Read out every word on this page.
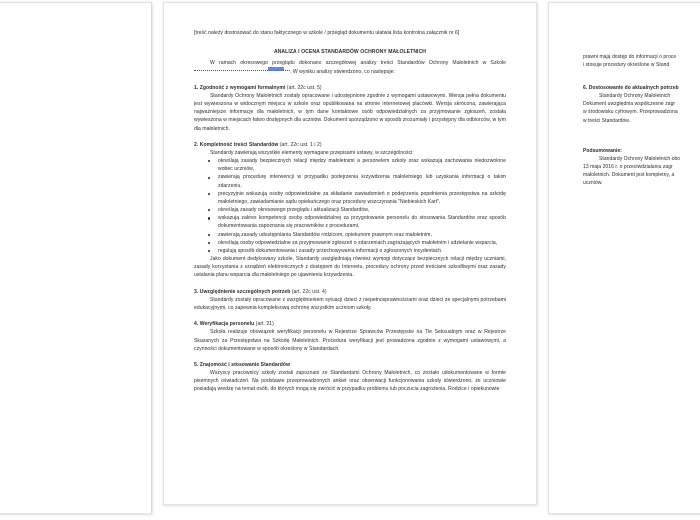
[treść należy dostosować do stanu faktycznego w szkole / przegląd dokumentu ułatwia lista kontrolna załącznik nr 6]
ANALIZA I OCENA STANDARDÓW OCHRONY MAŁOLETNICH
W ramach okresowego przeglądu dokonano szczegółowej analizy treści Standardów Ochrony Małoletnich w Szkole
. W wyniku analizy stwierdzono, co następuje:
1. Zgodność z wymogami formalnymi (art. 22c ust. 5)
Standardy Ochrony Małoletnich zostały opracowane i udostępnione zgodnie z wymogami ustawowymi. Wersja pełna dokumentu jest wywieszona w widocznym miejscu w szkole oraz opublikowana na stronie internetowej placówki. Wersja skrócona, zawierająca najważniejsze informacje dla małoletnich, w tym dane kontaktowe osób odpowiedzialnych za przyjmowanie zgłoszeń, została wywieszona w miejscach łatwo dostępnych dla uczniów. Dokument sporządzono w sposób zrozumiały i przystępny dla odbiorców, w tym dla małoletnich.
2. Kompletność treści Standardów (art. 22c ust. 1 i 2)
Standardy zawierają wszystkie elementy wymagane przepisami ustawy, w szczególności:
określają zasady bezpiecznych relacji między małoletnimi a personelem szkoły oraz wskazują zachowania niedozwolone wobec uczniów,
zawierają procedurę interwencji w przypadku podejrzenia krzywdzenia małoletniego lub uzyskania informacji o takim zdarzeniu,
precyzyjnie wskazują osoby odpowiedzialne za składanie zawiadomień o podejrzeniu popełnienia przestępstwa na szkodę małoletniego, zawiadamianie sądu opiekuńczego oraz procedurę wszczynania "Niebieskich Kart",
określają zasady okresowego przeglądu i aktualizacji Standardów,
wskazują zakres kompetencji osoby odpowiedzialnej za przygotowanie personelu do stosowania Standardów oraz sposób dokumentowania zapoznania się pracowników z procedurami,
zawierają zasady udostępniania Standardów rodzicom, opiekunom prawnym oraz małoletnim,
określają osoby odpowiedzialne za przyjmowanie zgłoszeń o zdarzeniach zagrażających małoletnim i udzielanie wsparcia,
regulują sposób dokumentowania i zasady przechowywania informacji o zgłoszonych incydentach.
Jako dokument dedykowany szkole, Standardy uwzględniają również wymogi dotyczące bezpiecznych relacji między uczniami, zasady korzystania z urządzeń elektronicznych z dostępem do Internetu, procedury ochrony przed treściami szkodliwymi oraz zasady ustalania planu wsparcia dla małoletniego po ujawnieniu krzywdzenia.
3. Uwzględnienie szczególnych potrzeb (art. 22c ust. 4)
Standardy zostały opracowane z uwzględnieniem sytuacji dzieci z niepełnosprawnościami oraz dzieci ze specjalnymi potrzebami edukacyjnymi, co zapewnia kompleksową ochronę wszystkim uczniom szkoły.
4. Weryfikacja personelu (art. 21)
Szkoła realizuje obowiązek weryfikacji personelu w Rejestrze Sprawców Przestępstw na Tle Seksualnym oraz w Rejestrze Skazanych za Przestępstwa na Szkodę Małoletnich. Procedura weryfikacji jest prowadzona zgodnie z wymogami ustawowymi, a czynności dokumentowane w sposób określony w Standardach.
5. Znajomość i stosowanie Standardów
Wszyscy pracownicy szkoły zostali zapoznani ze Standardami Ochrony Małoletnich, co zostało udokumentowane w formie pisemnych oświadczeń. Na podstawie przeprowadzonych ankiet oraz obserwacji funkcjonowania szkoły stwierdzono, że uczniowie posiadają wiedzę na temat osób, do których mogą się zwrócić w przypadku problemu lub poczucia zagrożenia. Rodzice i opiekunowie
prawni mają dostęp do informacji o proce
i stosuje procedury określone w Stand
6. Dostosowanie do aktualnych potrzeb
Standardy Ochrony Małoletnich
Dokument uwzględnia współczesne zagr
w środowisku cyfrowym. Przeprowadzona
w treści Standardów.
Podsumowanie:
Standardy Ochrony Małoletnich obo
13 maja 2016 r. o przeciwdziałaniu zagr
małoletnich. Dokument jest kompletny, a
uczniów.
